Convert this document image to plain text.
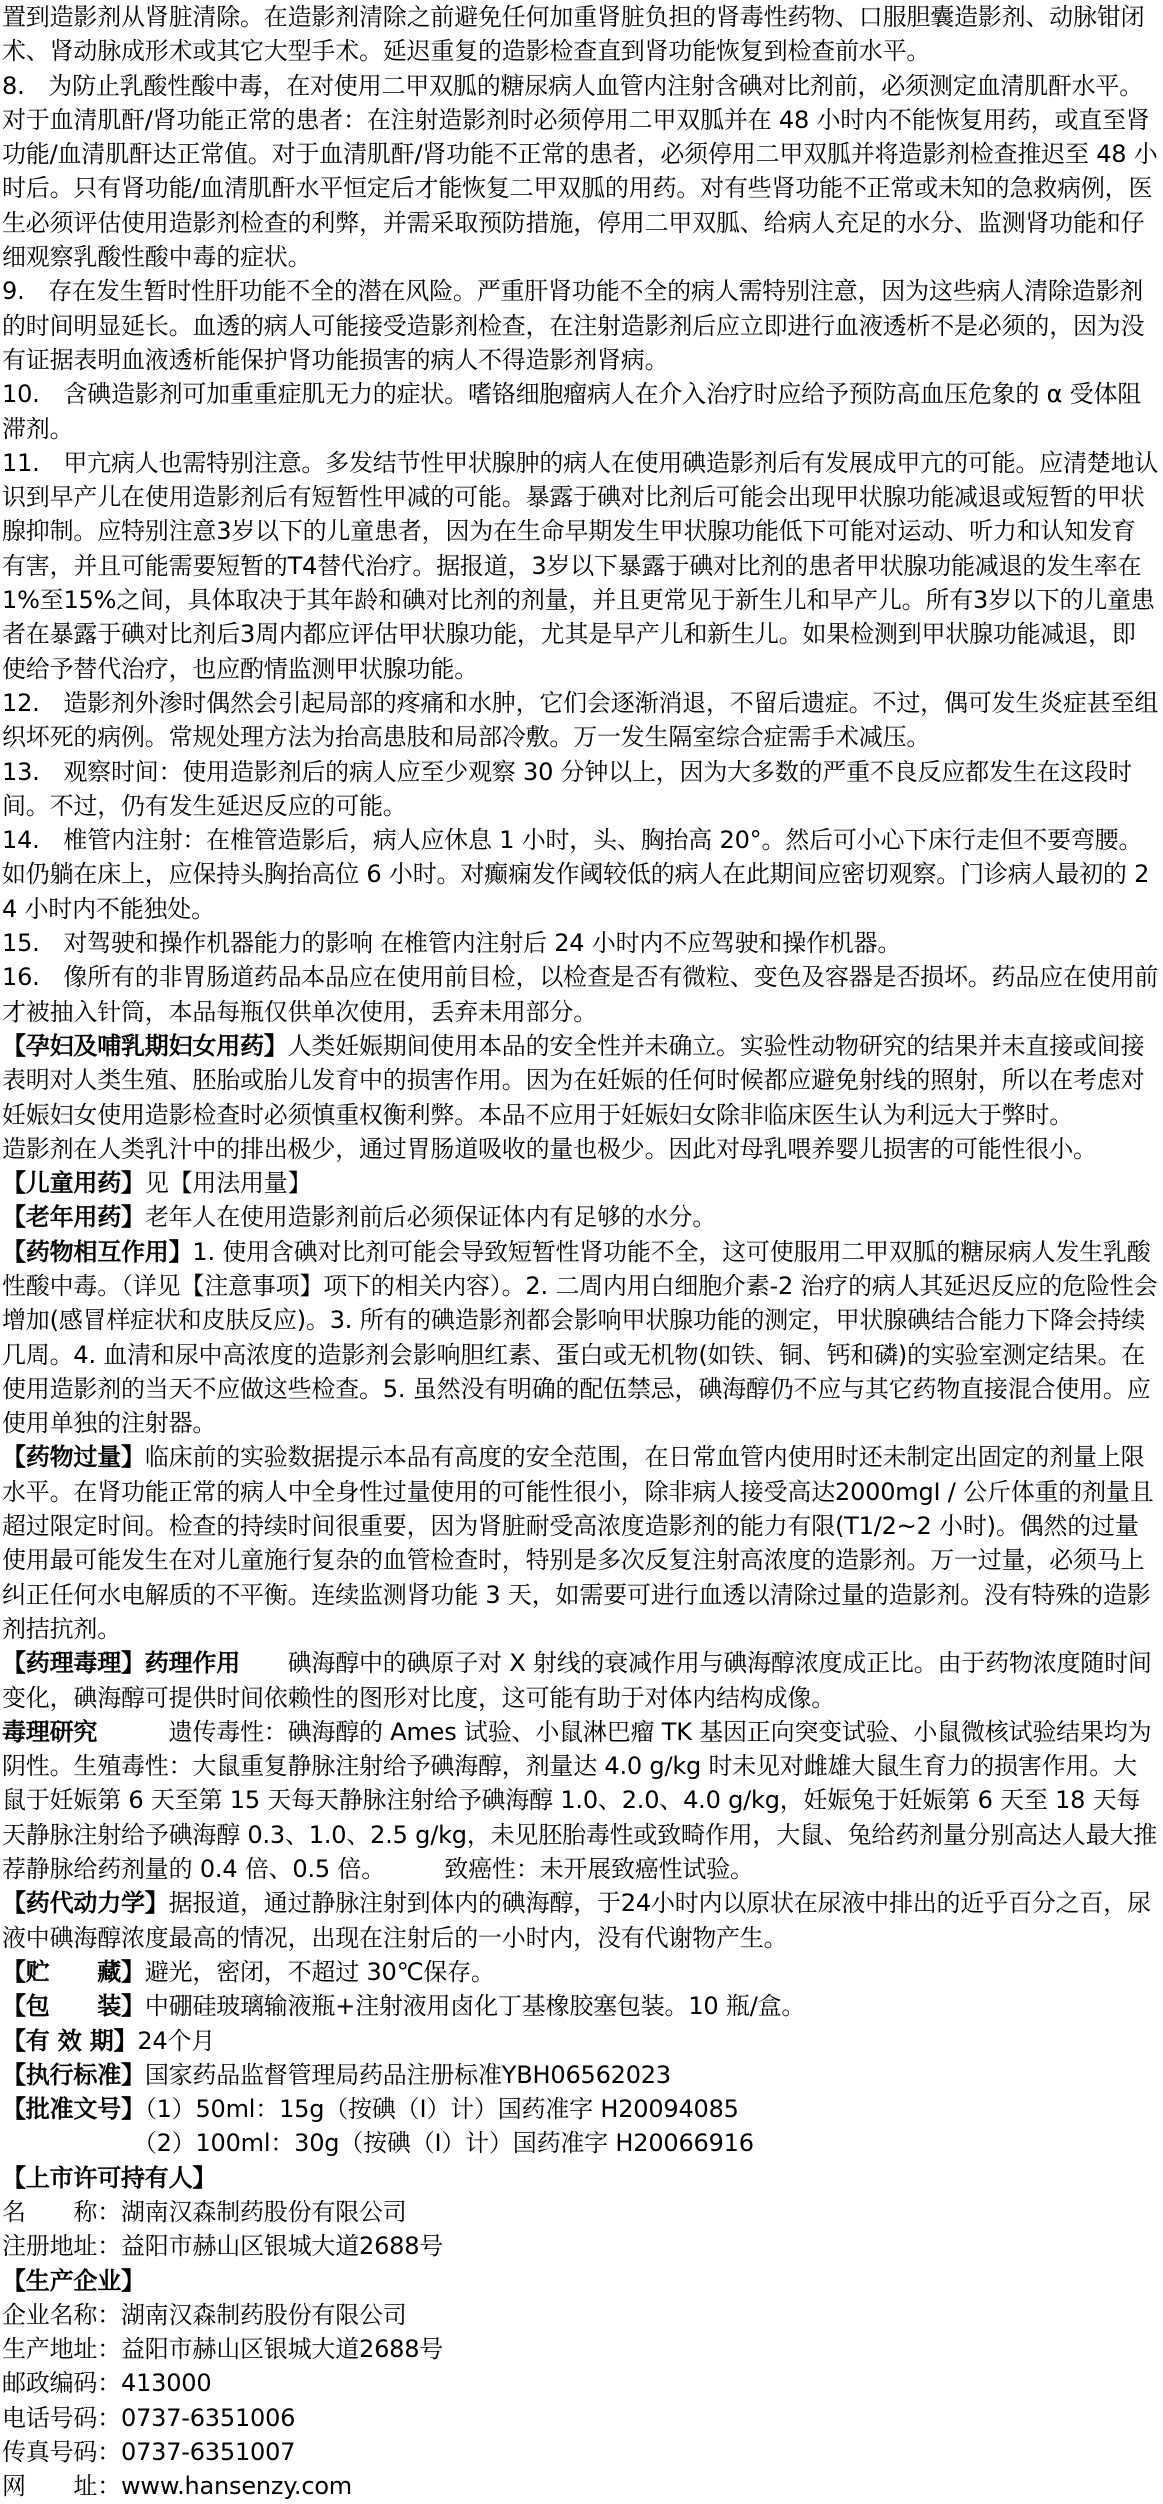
置到造影剂从肾脏清除。在造影剂清除之前避免任何加重肾脏负担的肾毒性药物、口服胆囊造影剂、动脉钳闭术、肾动脉成形术或其它大型手术。延迟重复的造影检查直到肾功能恢复到检查前水平。

8.　为防止乳酸性酸中毒，在对使用二甲双胍的糖尿病人血管内注射含碘对比剂前，必须测定血清肌酐水平。对于血清肌酐/肾功能正常的患者：在注射造影剂时必须停用二甲双胍并在 48 小时内不能恢复用药，或直至肾功能/血清肌酐达正常值。对于血清肌酐/肾功能不正常的患者，必须停用二甲双胍并将造影剂检查推迟至 48 小时后。只有肾功能/血清肌酐水平恒定后才能恢复二甲双胍的用药。对有些肾功能不正常或未知的急救病例，医生必须评估使用造影剂检查的利弊，并需采取预防措施，停用二甲双胍、给病人充足的水分、监测肾功能和仔细观察乳酸性酸中毒的症状。

9.　存在发生暂时性肝功能不全的潜在风险。严重肝肾功能不全的病人需特别注意，因为这些病人清除造影剂的时间明显延长。血透的病人可能接受造影剂检查，在注射造影剂后应立即进行血液透析不是必须的，因为没有证据表明血液透析能保护肾功能损害的病人不得造影剂肾病。

10.　含碘造影剂可加重重症肌无力的症状。嗜铬细胞瘤病人在介入治疗时应给予预防高血压危象的 α 受体阻滞剂。

11.　甲亢病人也需特别注意。多发结节性甲状腺肿的病人在使用碘造影剂后有发展成甲亢的可能。应清楚地认识到早产儿在使用造影剂后有短暂性甲减的可能。暴露于碘对比剂后可能会出现甲状腺功能减退或短暂的甲状腺抑制。应特别注意3岁以下的儿童患者，因为在生命早期发生甲状腺功能低下可能对运动、听力和认知发育有害，并且可能需要短暂的T4替代治疗。据报道，3岁以下暴露于碘对比剂的患者甲状腺功能减退的发生率在1%至15%之间，具体取决于其年龄和碘对比剂的剂量，并且更常见于新生儿和早产儿。所有3岁以下的儿童患者在暴露于碘对比剂后3周内都应评估甲状腺功能，尤其是早产儿和新生儿。如果检测到甲状腺功能减退，即使给予替代治疗，也应酌情监测甲状腺功能。

12.　造影剂外渗时偶然会引起局部的疼痛和水肿，它们会逐渐消退，不留后遗症。不过，偶可发生炎症甚至组织坏死的病例。常规处理方法为抬高患肢和局部冷敷。万一发生隔室综合症需手术减压。

13.　观察时间：使用造影剂后的病人应至少观察 30 分钟以上，因为大多数的严重不良反应都发生在这段时间。不过，仍有发生延迟反应的可能。

14.　椎管内注射：在椎管造影后，病人应休息 1 小时，头、胸抬高 20°。然后可小心下床行走但不要弯腰。如仍躺在床上，应保持头胸抬高位 6 小时。对癫痫发作阈较低的病人在此期间应密切观察。门诊病人最初的 24 小时内不能独处。

15.　对驾驶和操作机器能力的影响 在椎管内注射后 24 小时内不应驾驶和操作机器。

16.　像所有的非胃肠道药品本品应在使用前目检，以检查是否有微粒、变色及容器是否损坏。药品应在使用前才被抽入针筒，本品每瓶仅供单次使用，丢弃未用部分。

【孕妇及哺乳期妇女用药】人类妊娠期间使用本品的安全性并未确立。实验性动物研究的结果并未直接或间接表明对人类生殖、胚胎或胎儿发育中的损害作用。因为在妊娠的任何时候都应避免射线的照射，所以在考虑对妊娠妇女使用造影检查时必须慎重权衡利弊。本品不应用于妊娠妇女除非临床医生认为利远大于弊时。

造影剂在人类乳汁中的排出极少，通过胃肠道吸收的量也极少。因此对母乳喂养婴儿损害的可能性很小。

【儿童用药】见【用法用量】

【老年用药】老年人在使用造影剂前后必须保证体内有足够的水分。

【药物相互作用】1. 使用含碘对比剂可能会导致短暂性肾功能不全，这可使服用二甲双胍的糖尿病人发生乳酸性酸中毒。（详见【注意事项】项下的相关内容）。2. 二周内用白细胞介素-2 治疗的病人其延迟反应的危险性会增加(感冒样症状和皮肤反应)。3. 所有的碘造影剂都会影响甲状腺功能的测定，甲状腺碘结合能力下降会持续几周。4. 血清和尿中高浓度的造影剂会影响胆红素、蛋白或无机物(如铁、铜、钙和磷)的实验室测定结果。在使用造影剂的当天不应做这些检查。5. 虽然没有明确的配伍禁忌，碘海醇仍不应与其它药物直接混合使用。应使用单独的注射器。

【药物过量】临床前的实验数据提示本品有高度的安全范围，在日常血管内使用时还未制定出固定的剂量上限水平。在肾功能正常的病人中全身性过量使用的可能性很小，除非病人接受高达2000mgI / 公斤体重的剂量且超过限定时间。检查的持续时间很重要，因为肾脏耐受高浓度造影剂的能力有限(T1/2~2 小时)。偶然的过量使用最可能发生在对儿童施行复杂的血管检查时，特别是多次反复注射高浓度的造影剂。万一过量，必须马上纠正任何水电解质的不平衡。连续监测肾功能 3 天，如需要可进行血透以清除过量的造影剂。没有特殊的造影剂拮抗剂。

【药理毒理】药理作用　　碘海醇中的碘原子对 X 射线的衰减作用与碘海醇浓度成正比。由于药物浓度随时间变化，碘海醇可提供时间依赖性的图形对比度，这可能有助于对体内结构成像。

毒理研究　　　遗传毒性：碘海醇的 Ames 试验、小鼠淋巴瘤 TK 基因正向突变试验、小鼠微核试验结果均为阴性。生殖毒性：大鼠重复静脉注射给予碘海醇，剂量达 4.0 g/kg 时未见对雌雄大鼠生育力的损害作用。大鼠于妊娠第 6 天至第 15 天每天静脉注射给予碘海醇 1.0、2.0、4.0 g/kg，妊娠兔于妊娠第 6 天至 18 天每天静脉注射给予碘海醇 0.3、1.0、2.5 g/kg，未见胚胎毒性或致畸作用，大鼠、兔给药剂量分别高达人最大推荐静脉给药剂量的 0.4 倍、0.5 倍。　　　致癌性：未开展致癌性试验。

【药代动力学】据报道，通过静脉注射到体内的碘海醇，于24小时内以原状在尿液中排出的近乎百分之百，尿液中碘海醇浓度最高的情况，出现在注射后的一小时内，没有代谢物产生。

【贮　　藏】避光，密闭，不超过 30℃保存。

【包　　装】中硼硅玻璃输液瓶+注射液用卤化丁基橡胶塞包装。10 瓶/盒。

【有 效 期】24个月

【执行标准】国家药品监督管理局药品注册标准YBH06562023

【批准文号】（1）50ml：15g（按碘（I）计）国药准字 H20094085

　　　　　　（2）100ml：30g（按碘（I）计）国药准字 H20066916

【上市许可持有人】

名　　称：湖南汉森制药股份有限公司

注册地址：益阳市赫山区银城大道2688号

【生产企业】

企业名称：湖南汉森制药股份有限公司

生产地址：益阳市赫山区银城大道2688号

邮政编码：413000

电话号码：0737-6351006

传真号码：0737-6351007

网　　址：www.hansenzy.com
